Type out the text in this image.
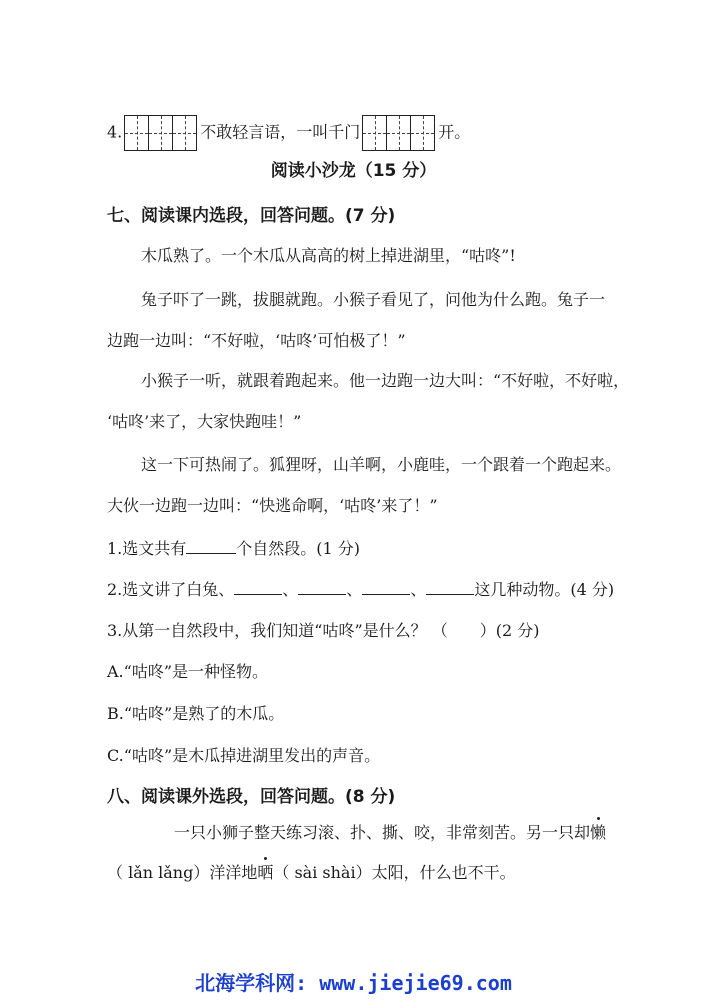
4.	不敢轻言语，一叫千门	开。
阅读小沙龙（15 分）
七、阅读课内选段，回答问题。(7 分)
木瓜熟了。一个木瓜从高高的树上掉进湖里，“咕咚”!
兔子吓了一跳，拔腿就跑。小猴子看见了，问他为什么跑。兔子一
边跑一边叫：“不好啦，‘咕咚’可怕极了！”
小猴子一听，就跟着跑起来。他一边跑一边大叫：“不好啦，不好啦，
‘咕咚’来了，大家快跑哇！”
这一下可热闹了。狐狸呀，山羊啊，小鹿哇，一个跟着一个跑起来。
大伙一边跑一边叫：“快逃命啊，‘咕咚’来了！”
1.选文共有	个自然段。(1 分)
2.选文讲了白兔、	、	、	、	这几种动物。(4 分)
3.从第一自然段中，我们知道“咕咚”是什么？ （　　）(2 分)
A.“咕咚”是一种怪物。
B.“咕咚”是熟了的木瓜。
C.“咕咚”是木瓜掉进湖里发出的声音。
八、阅读课外选段，回答问题。(8 分)
一只小狮子整天练习滚、扑、撕、咬，非常刻苦。另一只却懒
（ lǎn lǎng）洋洋地晒（ sài shài）太阳，什么也不干。
北海学科网: www.jiejie69.com
